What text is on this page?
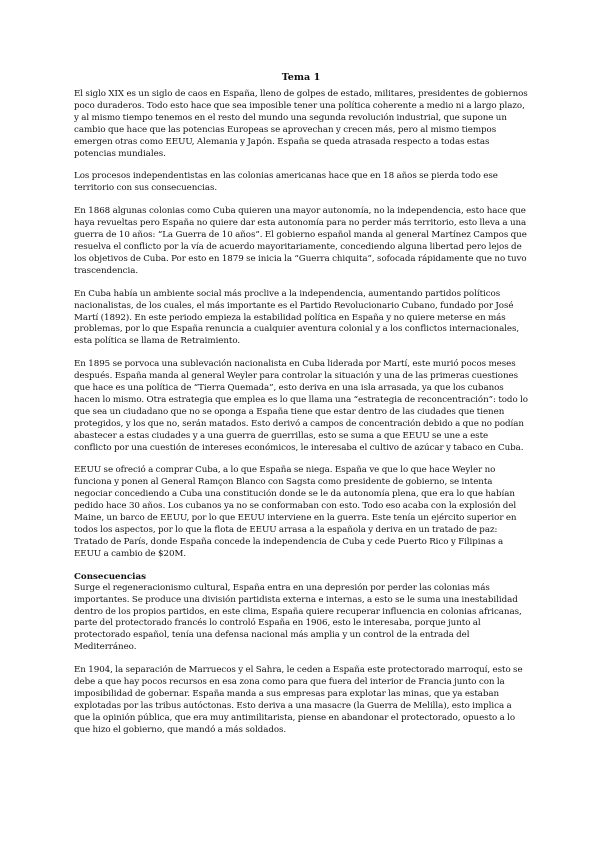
Tema 1

El siglo XIX es un siglo de caos en España, lleno de golpes de estado, militares, presidentes de gobiernos poco duraderos. Todo esto hace que sea imposible tener una política coherente a medio ni a largo plazo, y al mismo tiempo tenemos en el resto del mundo una segunda revolución industrial, que supone un cambio que hace que las potencias Europeas se aprovechan y crecen más, pero al mismo tiempos emergen otras como EEUU, Alemania y Japón. España se queda atrasada respecto a todas estas potencias mundiales.

Los procesos independentistas en las colonias americanas hace que en 18 años se pierda todo ese territorio con sus consecuencias.

En 1868 algunas colonias como Cuba quieren una mayor autonomía, no la independencia, esto hace que haya revueltas pero España no quiere dar esta autonomía para no perder más territorio, esto lleva a una guerra de 10 años: “La Guerra de 10 años”. El gobierno español manda al general Martínez Campos que resuelva el conflicto por la vía de acuerdo mayoritariamente, concediendo alguna libertad pero lejos de los objetivos de Cuba. Por esto en 1879 se inicia la “Guerra chiquita”, sofocada rápidamente que no tuvo trascendencia.

En Cuba había un ambiente social más proclive a la independencia, aumentando partidos políticos nacionalistas, de los cuales, el más importante es el Partido Revolucionario Cubano, fundado por José Martí (1892). En este periodo empieza la estabilidad política en España y no quiere meterse en más problemas, por lo que España renuncia a cualquier aventura colonial y a los conflictos internacionales, esta política se llama de Retraimiento.

En 1895 se porvoca una sublevación nacionalista en Cuba liderada por Martí, este murió pocos meses después. España manda al general Weyler para controlar la situación y una de las primeras cuestiones que hace es una política de “Tierra Quemada”, esto deriva en una isla arrasada, ya que los cubanos hacen lo mismo. Otra estrategia que emplea es lo que llama una “estrategia de reconcentración”: todo lo que sea un ciudadano que no se oponga a España tiene que estar dentro de las ciudades que tienen protegidos, y los que no, serán matados. Esto derivó a campos de concentración debido a que no podían abastecer a estas ciudades y a una guerra de guerrillas, esto se suma a que EEUU se une a este conflicto por una cuestión de intereses económicos, le interesaba el cultivo de azúcar y tabaco en Cuba.

EEUU se ofreció a comprar Cuba, a lo que España se niega. España ve que lo que hace Weyler no funciona y ponen al General Ramçon Blanco con Sagsta como presidente de gobierno, se intenta negociar concediendo a Cuba una constitución donde se le da autonomía plena, que era lo que habían pedido hace 30 años. Los cubanos ya no se conformaban con esto. Todo eso acaba con la explosión del Maine, un barco de EEUU, por lo que EEUU interviene en la guerra. Este tenía un ejército superior en todos los aspectos, por lo que la flota de EEUU arrasa a la española y deriva en un tratado de paz: Tratado de París, donde España concede la independencia de Cuba y cede Puerto Rico y Filipinas a EEUU a cambio de $20M.

Consecuencias

Surge el regeneracionismo cultural, España entra en una depresión por perder las colonias más importantes. Se produce una división partidista externa e internas, a esto se le suma una inestabilidad dentro de los propios partidos, en este clima, España quiere recuperar influencia en colonias africanas, parte del protectorado francés lo controló España en 1906, esto le interesaba, porque junto al protectorado español, tenía una defensa nacional más amplia y un control de la entrada del Mediterráneo.

En 1904, la separación de Marruecos y el Sahra, le ceden a España este protectorado marroquí, esto se debe a que hay pocos recursos en esa zona como para que fuera del interior de Francia junto con la imposibilidad de gobernar. España manda a sus empresas para explotar las minas, que ya estaban explotadas por las tribus autóctonas. Esto deriva a una masacre (la Guerra de Melilla), esto implica a que la opinión pública, que era muy antimilitarista, piense en abandonar el protectorado, opuesto a lo que hizo el gobierno, que mandó a más soldados.
